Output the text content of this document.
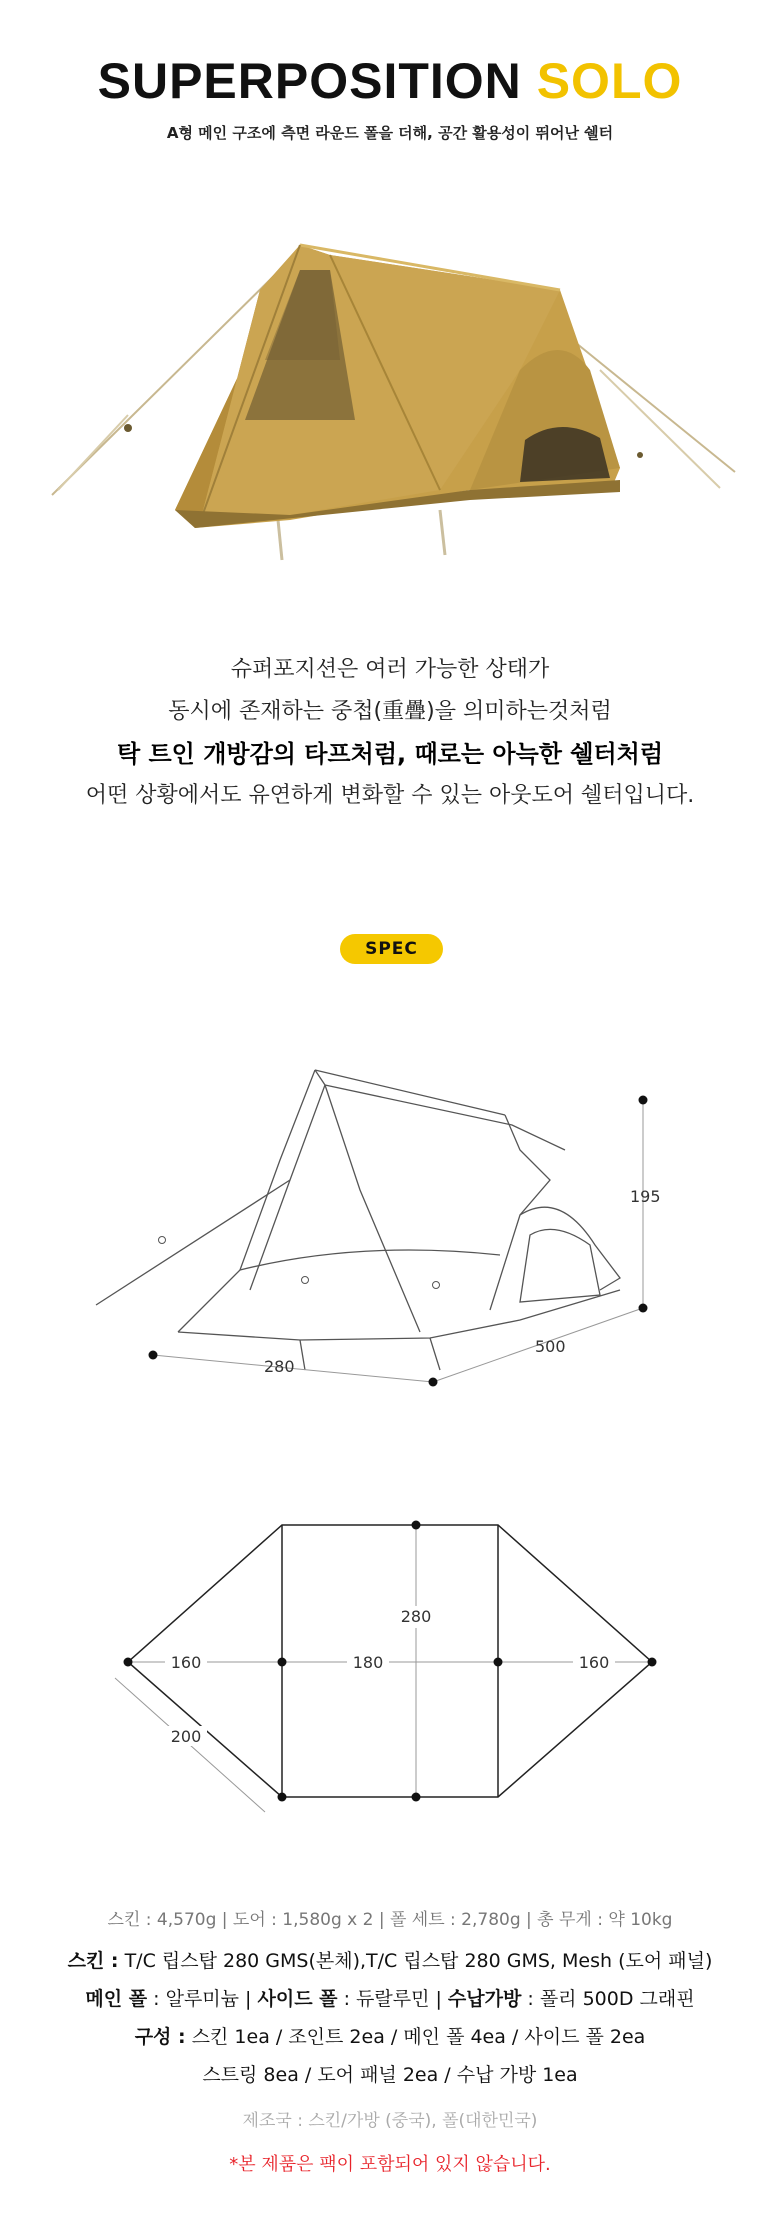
SUPERPOSITION SOLO
A형 메인 구조에 측면 라운드 폴을 더해, 공간 활용성이 뛰어난 쉘터

슈퍼포지션은 여러 가능한 상태가

동시에 존재하는 중첩(重疊)을 의미하는것처럼

탁 트인 개방감의 타프처럼, 때로는 아늑한 쉘터처럼

어떤 상황에서도 유연하게 변화할 수 있는 아웃도어 쉘터입니다.

SPEC
195
500
280
280
160	180	160
200
스킨 : 4,570g | 도어 : 1,580g x 2 | 폴 세트 : 2,780g | 총 무게 : 약 10kg
스킨 : T/C 립스탑 280 GMS(본체),T/C 립스탑 280 GMS, Mesh (도어 패널)
메인 폴 : 알루미늄 | 사이드 폴 : 듀랄루민 | 수납가방 : 폴리 500D 그래핀
구성 : 스킨 1ea / 조인트 2ea / 메인 폴 4ea / 사이드 폴 2ea
스트링 8ea / 도어 패널 2ea / 수납 가방 1ea
제조국 : 스킨/가방 (중국), 폴(대한민국)
*본 제품은 팩이 포함되어 있지 않습니다.
